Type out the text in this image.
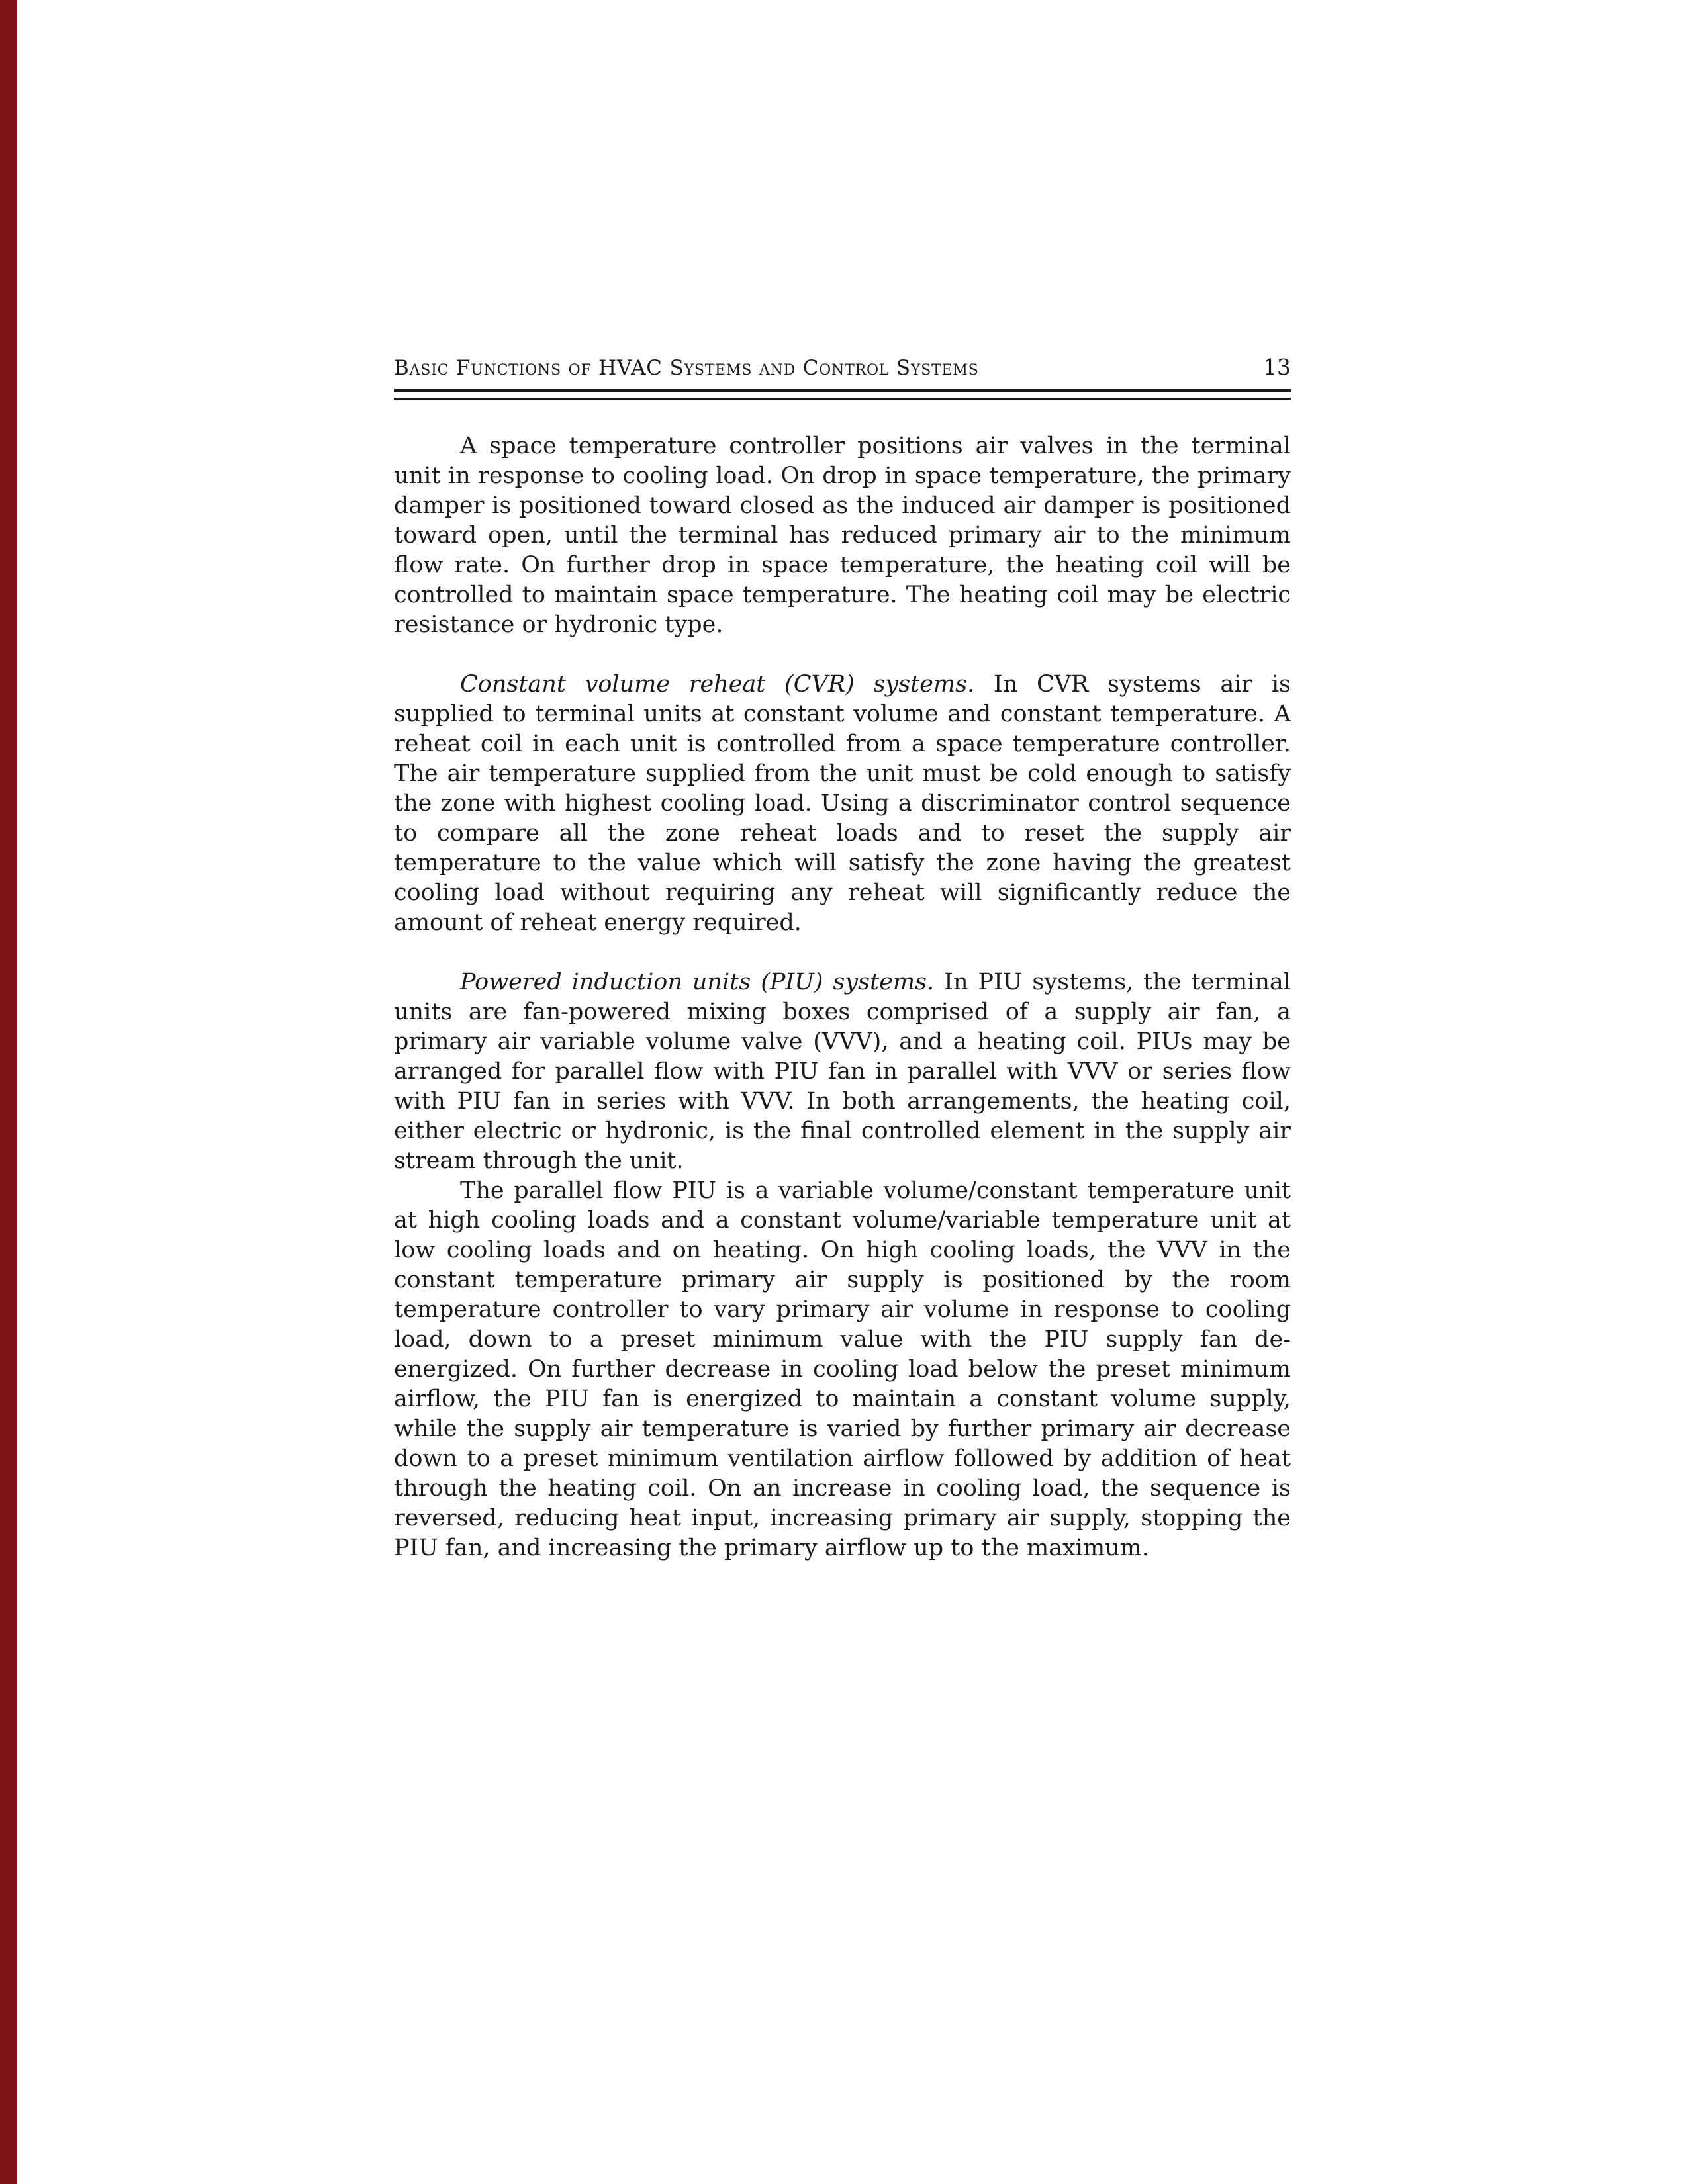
Basic Functions of HVAC Systems and Control Systems	13

A space temperature controller positions air valves in the terminal unit in response to cooling load. On drop in space temperature, the primary damper is positioned toward closed as the induced air damper is positioned toward open, until the terminal has reduced primary air to the minimum flow rate. On further drop in space temperature, the heating coil will be controlled to maintain space temperature. The heating coil may be electric resistance or hydronic type.

Constant volume reheat (CVR) systems. In CVR systems air is supplied to terminal units at constant volume and constant temperature. A reheat coil in each unit is controlled from a space temperature controller. The air temperature supplied from the unit must be cold enough to satisfy the zone with highest cooling load. Using a discriminator control sequence to compare all the zone reheat loads and to reset the supply air temperature to the value which will satisfy the zone having the greatest cooling load without requiring any reheat will significantly reduce the amount of reheat energy required.

Powered induction units (PIU) systems. In PIU systems, the terminal units are fan-powered mixing boxes comprised of a supply air fan, a primary air variable volume valve (VVV), and a heating coil. PIUs may be arranged for parallel flow with PIU fan in parallel with VVV or series flow with PIU fan in series with VVV. In both arrangements, the heating coil, either electric or hydronic, is the final controlled element in the supply air stream through the unit.

The parallel flow PIU is a variable volume/constant temperature unit at high cooling loads and a constant volume/variable temperature unit at low cooling loads and on heating. On high cooling loads, the VVV in the constant temperature primary air supply is positioned by the room temperature controller to vary primary air volume in response to cooling load, down to a preset minimum value with the PIU supply fan de-energized. On further decrease in cooling load below the preset minimum airflow, the PIU fan is energized to maintain a constant volume supply, while the supply air temperature is varied by further primary air decrease down to a preset minimum ventilation airflow followed by addition of heat through the heating coil. On an increase in cooling load, the sequence is reversed, reducing heat input, increasing primary air supply, stopping the PIU fan, and increasing the primary airflow up to the maximum.
